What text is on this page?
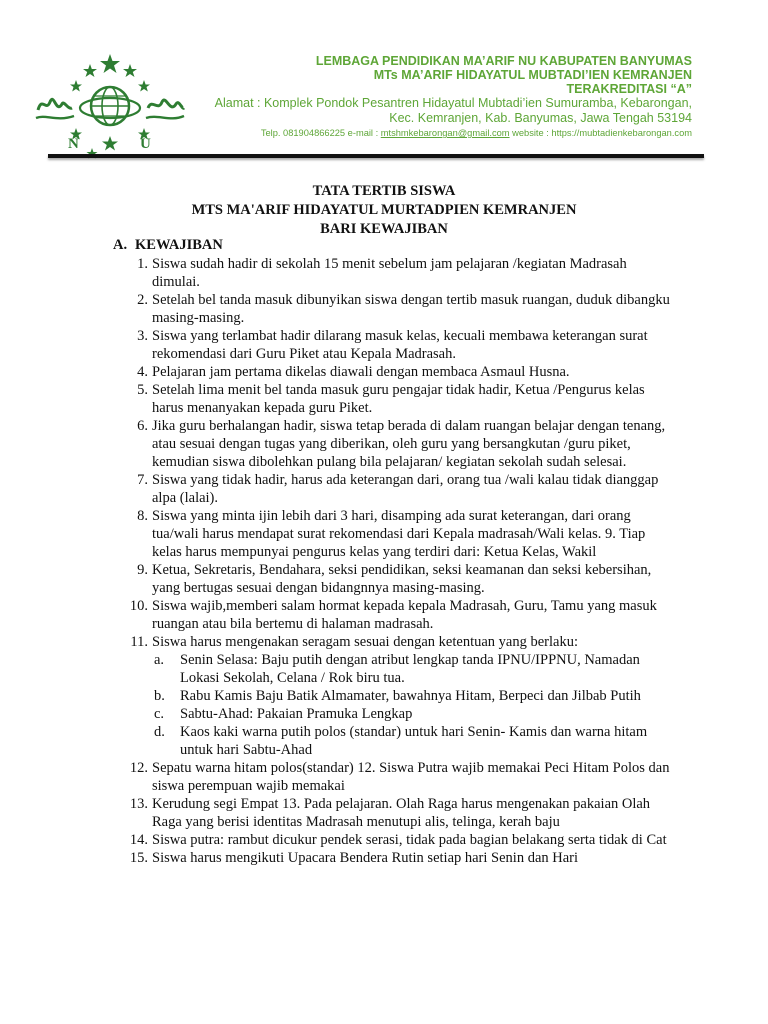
N	U
LEMBAGA PENDIDIKAN MA’ARIF NU KABUPATEN BANYUMAS
MTs MA’ARIF HIDAYATUL MUBTADI’IEN KEMRANJEN
TERAKREDITASI “A”
Alamat : Komplek Pondok Pesantren Hidayatul Mubtadi’ien Sumuramba, Kebarongan,
Kec. Kemranjen, Kab. Banyumas, Jawa Tengah 53194
Telp. 081904866225 e-mail : mtshmkebarongan@gmail.com website : https://mubtadienkebarongan.com
TATA TERTIB SISWA
MTS MA'ARIF HIDAYATUL MURTADPIEN KEMRANJEN
BARI KEWAJIBAN
A. KEWAJIBAN
1. Siswa sudah hadir di sekolah 15 menit sebelum jam pelajaran /kegiatan Madrasah dimulai.
2. Setelah bel tanda masuk dibunyikan siswa dengan tertib masuk ruangan, duduk dibangku masing-masing.
3. Siswa yang terlambat hadir dilarang masuk kelas, kecuali membawa keterangan surat rekomendasi dari Guru Piket atau Kepala Madrasah.
4. Pelajaran jam pertama dikelas diawali dengan membaca Asmaul Husna.
5. Setelah lima menit bel tanda masuk guru pengajar tidak hadir, Ketua /Pengurus kelas harus menanyakan kepada guru Piket.
6. Jika guru berhalangan hadir, siswa tetap berada di dalam ruangan belajar dengan tenang, atau sesuai dengan tugas yang diberikan, oleh guru yang bersangkutan /guru piket, kemudian siswa dibolehkan pulang bila pelajaran/ kegiatan sekolah sudah selesai.
7. Siswa yang tidak hadir, harus ada keterangan dari, orang tua /wali kalau tidak dianggap alpa (lalai).
8. Siswa yang minta ijin lebih dari 3 hari, disamping ada surat keterangan, dari orang tua/wali harus mendapat surat rekomendasi dari Kepala madrasah/Wali kelas. 9. Tiap kelas harus mempunyai pengurus kelas yang terdiri dari: Ketua Kelas, Wakil
9. Ketua, Sekretaris, Bendahara, seksi pendidikan, seksi keamanan dan seksi kebersihan, yang bertugas sesuai dengan bidangnnya masing-masing.
10. Siswa wajib,memberi salam hormat kepada kepala Madrasah, Guru, Tamu yang masuk ruangan atau bila bertemu di halaman madrasah.
11. Siswa harus mengenakan seragam sesuai dengan ketentuan yang berlaku:
a.	Senin Selasa: Baju putih dengan atribut lengkap tanda IPNU/IPPNU, Namadan Lokasi Sekolah, Celana / Rok biru tua.
b.	Rabu Kamis Baju Batik Almamater, bawahnya Hitam, Berpeci dan Jilbab Putih
c.	Sabtu-Ahad: Pakaian Pramuka Lengkap
d.	Kaos kaki warna putih polos (standar) untuk hari Senin- Kamis dan warna hitam untuk hari Sabtu-Ahad
12. Sepatu warna hitam polos(standar) 12. Siswa Putra wajib memakai Peci Hitam Polos dan siswa perempuan wajib memakai
13. Kerudung segi Empat 13. Pada pelajaran. Olah Raga harus mengenakan pakaian Olah Raga yang berisi identitas Madrasah menutupi alis, telinga, kerah baju
14. Siswa putra: rambut dicukur pendek serasi, tidak pada bagian belakang serta tidak di Cat
15. Siswa harus mengikuti Upacara Bendera Rutin setiap hari Senin dan Hari
